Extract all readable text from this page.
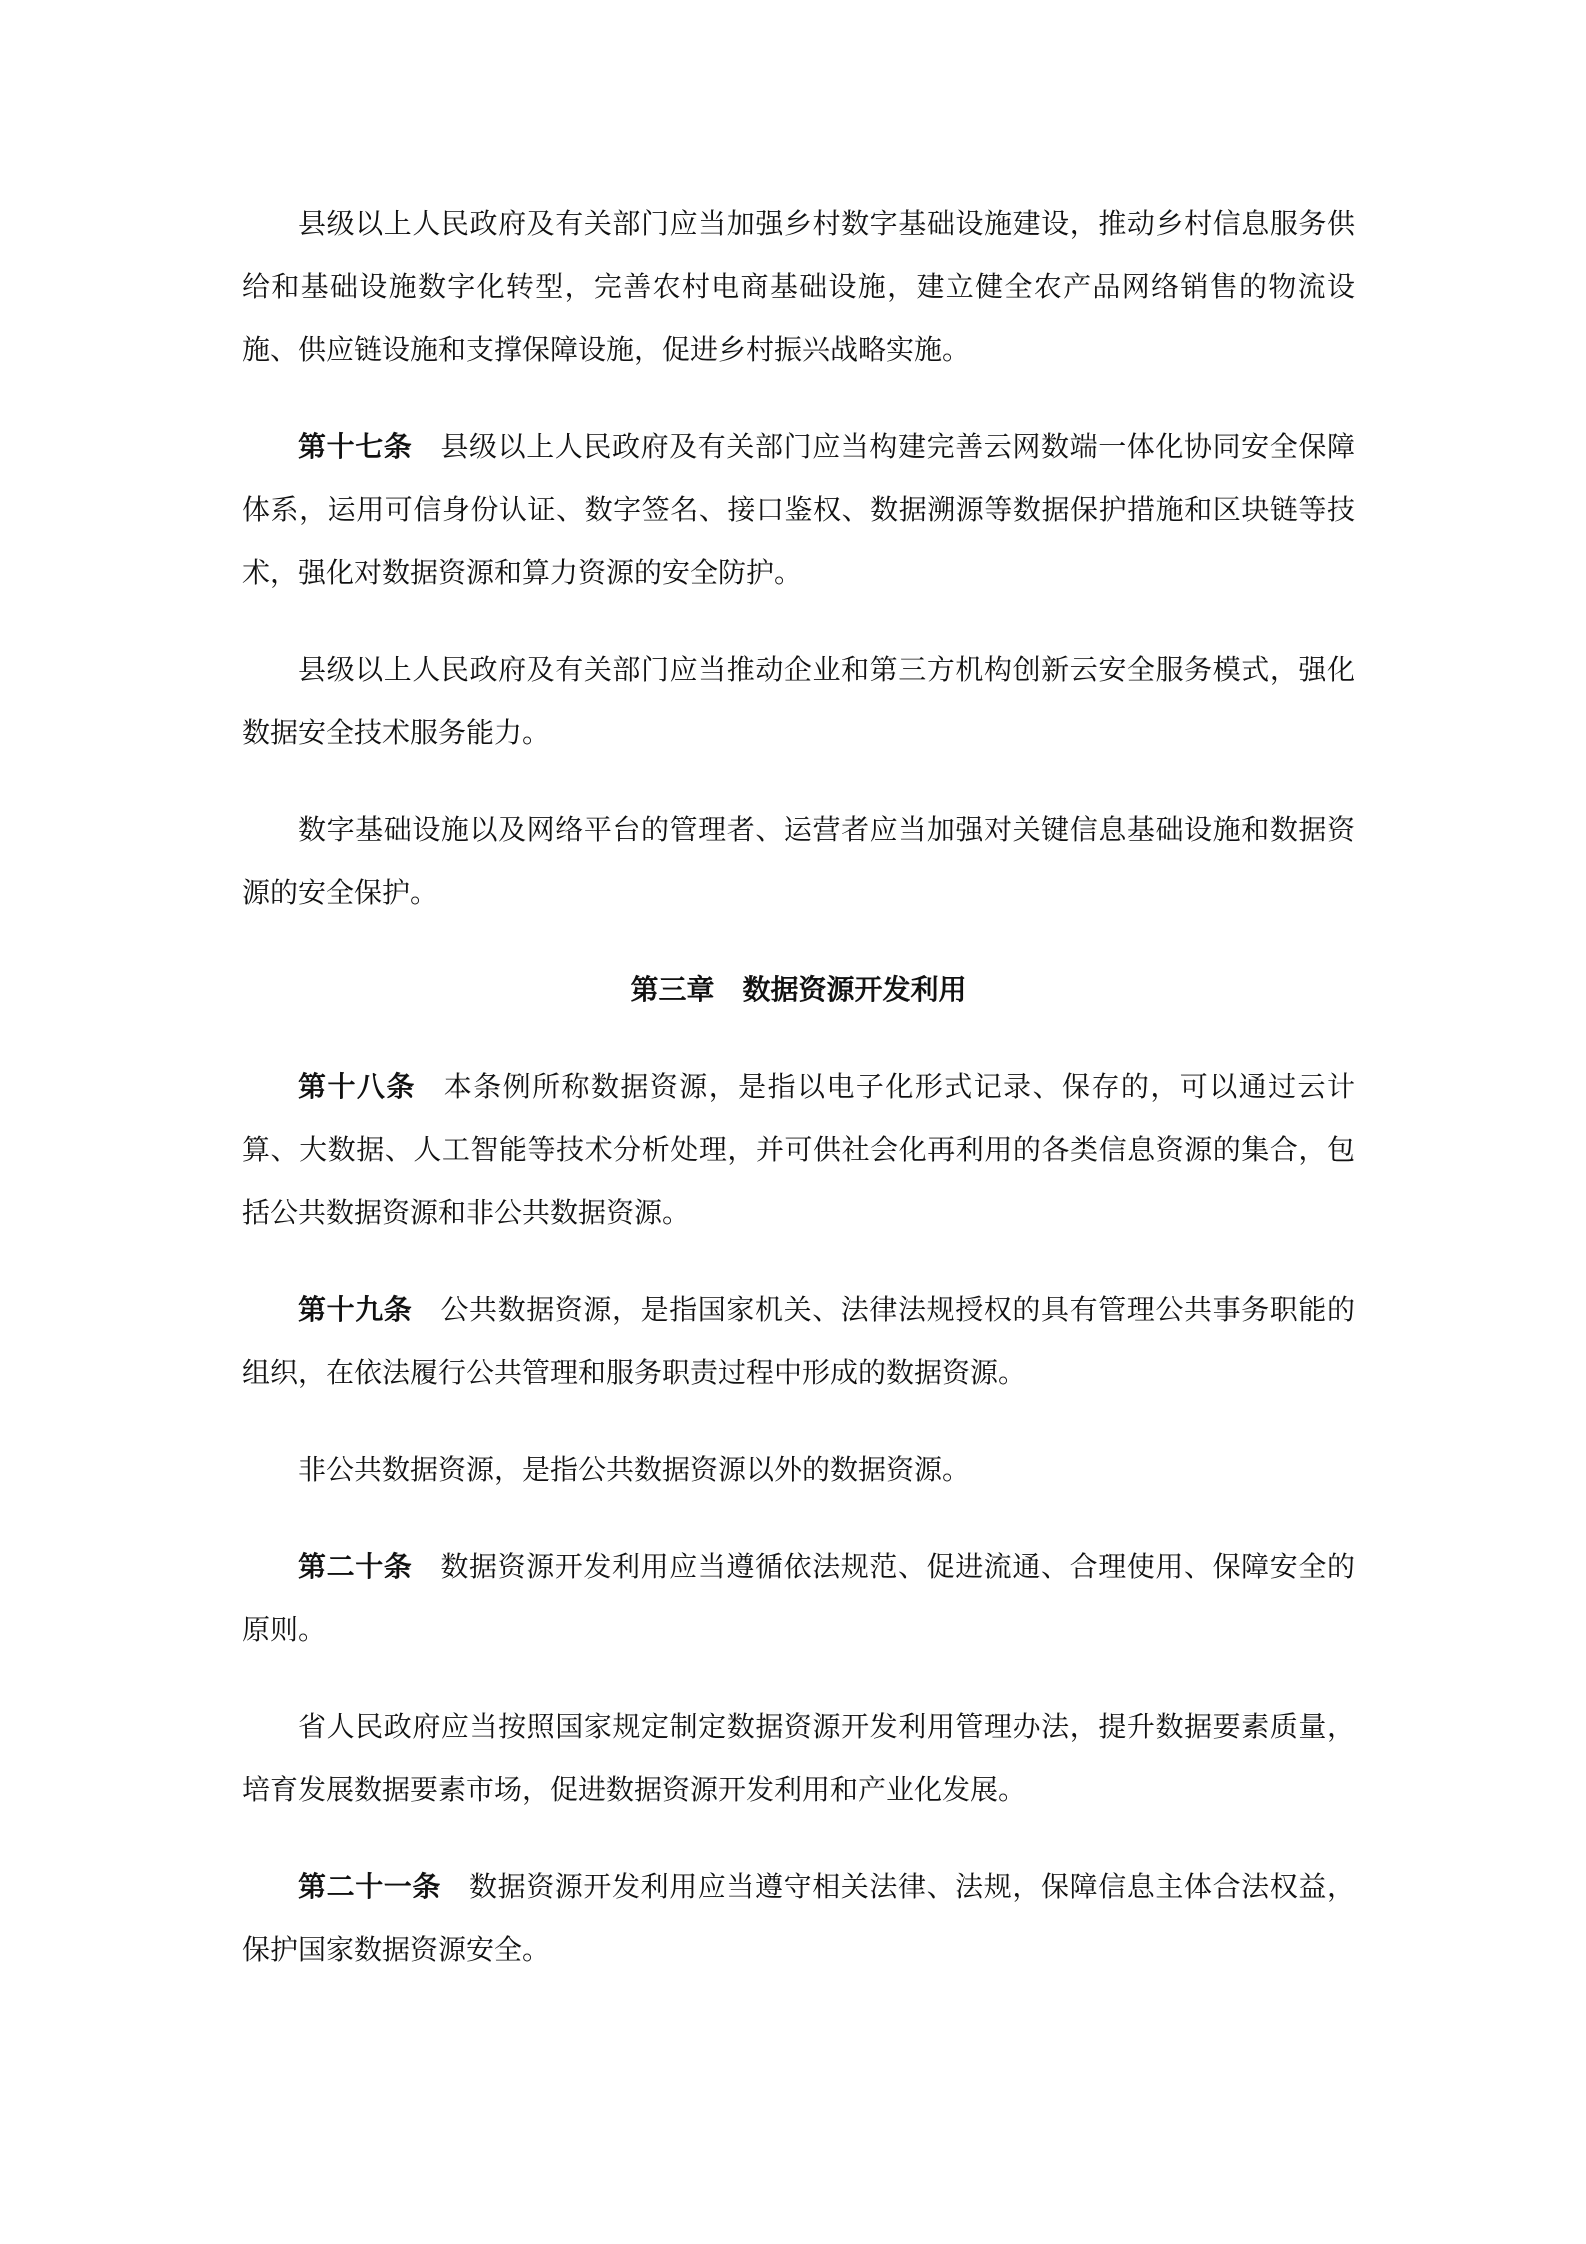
县级以上人民政府及有关部门应当加强乡村数字基础设施建设，推动乡村信息服务供给和基础设施数字化转型，完善农村电商基础设施，建立健全农产品网络销售的物流设施、供应链设施和支撑保障设施，促进乡村振兴战略实施。

第十七条 县级以上人民政府及有关部门应当构建完善云网数端一体化协同安全保障体系，运用可信身份认证、数字签名、接口鉴权、数据溯源等数据保护措施和区块链等技术，强化对数据资源和算力资源的安全防护。

县级以上人民政府及有关部门应当推动企业和第三方机构创新云安全服务模式，强化数据安全技术服务能力。

数字基础设施以及网络平台的管理者、运营者应当加强对关键信息基础设施和数据资源的安全保护。

第三章 数据资源开发利用

第十八条 本条例所称数据资源，是指以电子化形式记录、保存的，可以通过云计算、大数据、人工智能等技术分析处理，并可供社会化再利用的各类信息资源的集合，包括公共数据资源和非公共数据资源。

第十九条 公共数据资源，是指国家机关、法律法规授权的具有管理公共事务职能的组织，在依法履行公共管理和服务职责过程中形成的数据资源。

非公共数据资源，是指公共数据资源以外的数据资源。

第二十条 数据资源开发利用应当遵循依法规范、促进流通、合理使用、保障安全的原则。

省人民政府应当按照国家规定制定数据资源开发利用管理办法，提升数据要素质量，培育发展数据要素市场，促进数据资源开发利用和产业化发展。

第二十一条 数据资源开发利用应当遵守相关法律、法规，保障信息主体合法权益，保护国家数据资源安全。
